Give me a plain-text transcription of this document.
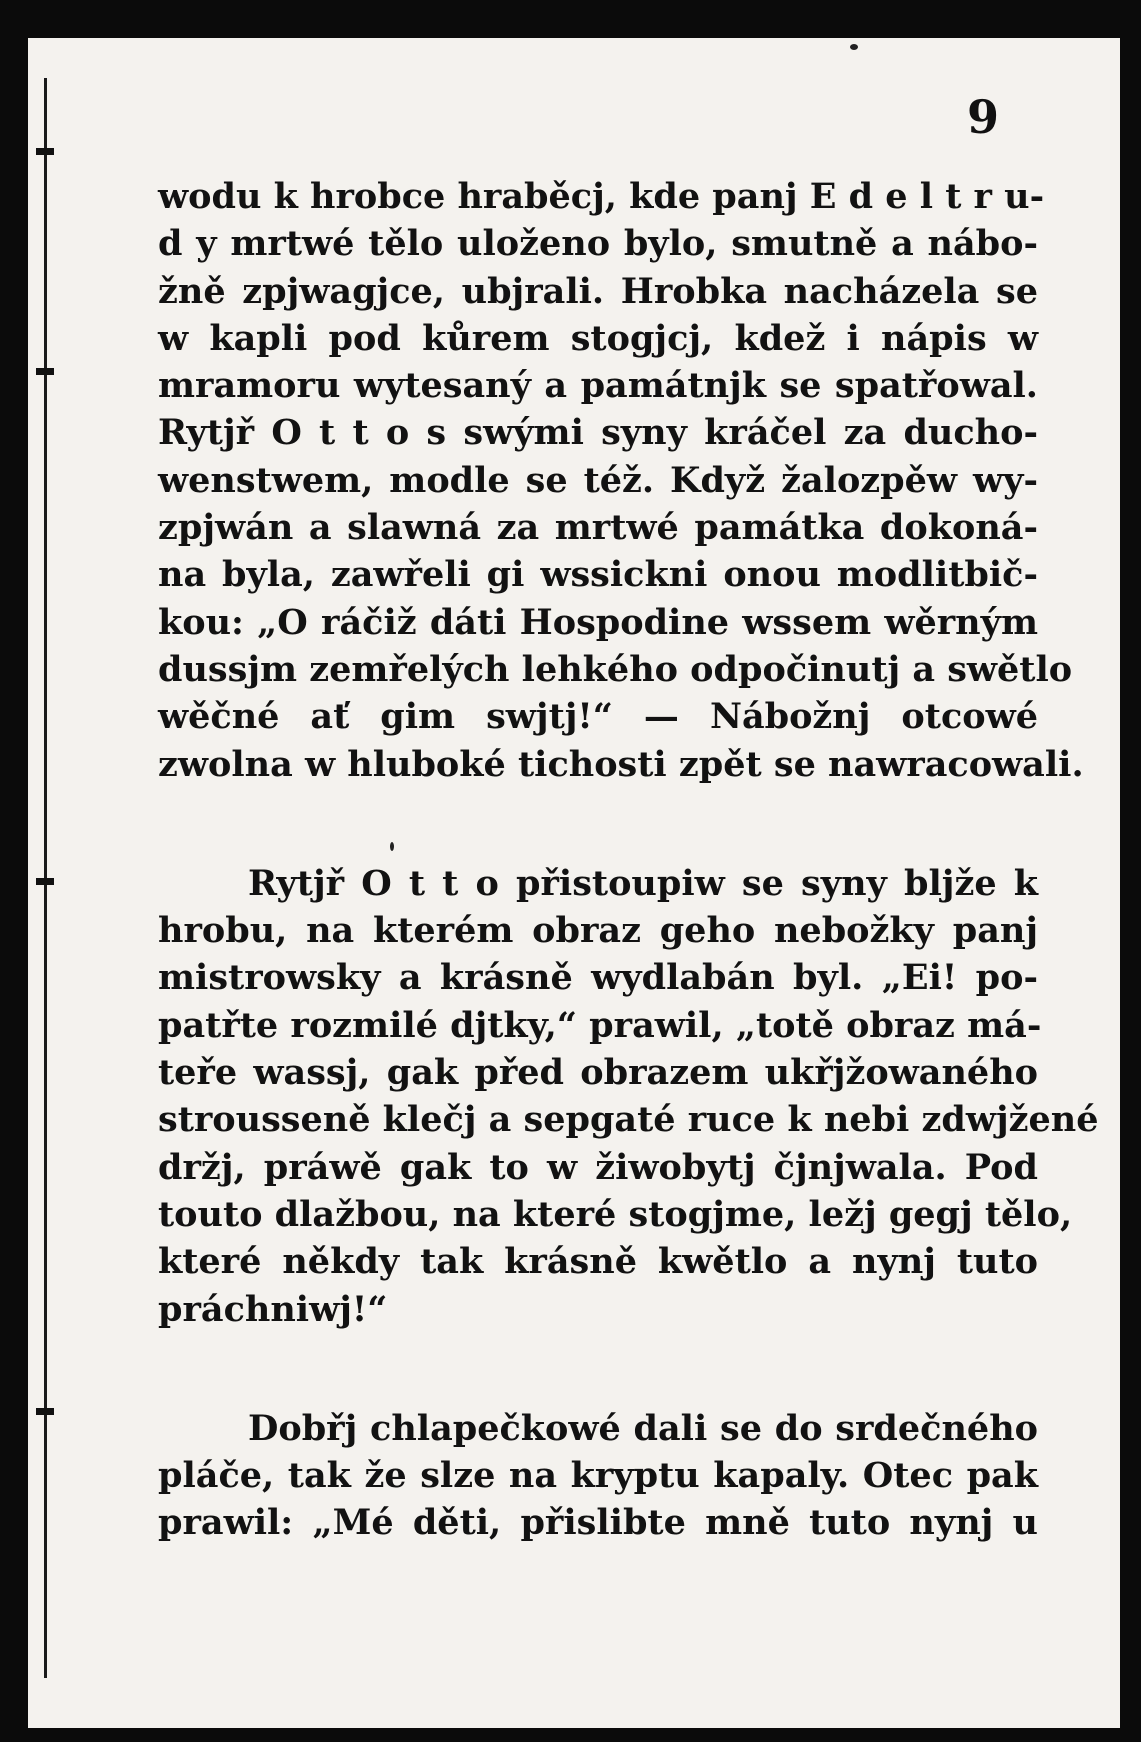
9
wodu k hrobce hraběcj, kde panj E d e l t r u-
d y mrtwé tělo uloženo bylo, smutně a nábo-
žně zpjwagjce, ubjrali. Hrobka nacházela se
w kapli pod kůrem stogjcj, kdež i nápis w
mramoru wytesaný a památnjk se spatřowal.
Rytjř O t t o s swými syny kráčel za ducho-
wenstwem, modle se též. Když žalozpěw wy-
zpjwán a slawná za mrtwé památka dokoná-
na byla, zawřeli gi wssickni onou modlitbič-
kou: „O ráčiž dáti Hospodine wssem wěrným
dussjm zemřelých lehkého odpočinutj a swětlo
wěčné ať gim swjtj!“ — Nábožnj otcowé
zwolna w hluboké tichosti zpět se nawracowali.
Rytjř O t t o přistoupiw se syny bljže k
hrobu, na kterém obraz geho nebožky panj
mistrowsky a krásně wydlabán byl. „Ei! po-
patřte rozmilé djtky,“ prawil, „totě obraz má-
teře wassj, gak před obrazem ukřjžowaného
strousseně klečj a sepgaté ruce k nebi zdwjžené
držj, práwě gak to w žiwobytj čjnjwala. Pod
touto dlažbou, na které stogjme, ležj gegj tělo,
které někdy tak krásně kwětlo a nynj tuto
práchniwj!“
Dobřj chlapečkowé dali se do srdečného
pláče, tak že slze na kryptu kapaly. Otec pak
prawil: „Mé děti, přislibte mně tuto nynj u
